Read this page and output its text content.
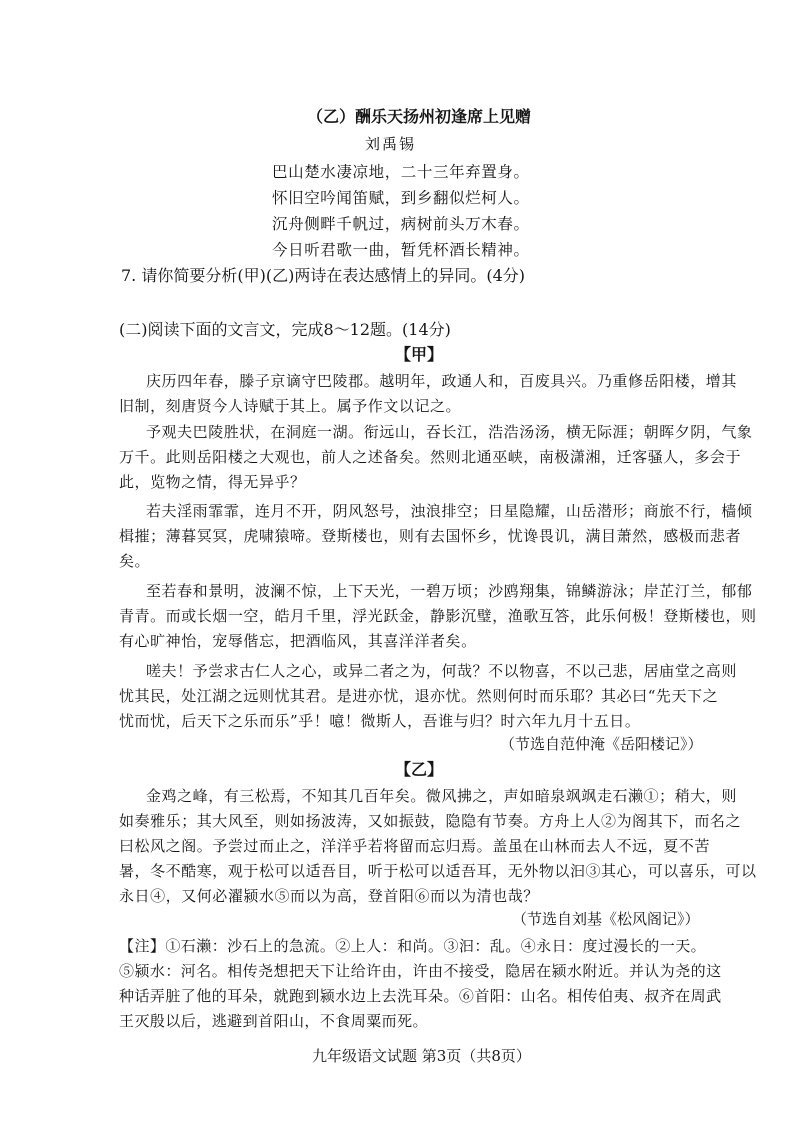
（乙）酬乐天扬州初逢席上见赠
刘禹锡
巴山楚水凄凉地，二十三年弃置身。
怀旧空吟闻笛赋，到乡翻似烂柯人。
沉舟侧畔千帆过，病树前头万木春。
今日听君歌一曲，暂凭杯酒长精神。
7. 请你简要分析(甲)(乙)两诗在表达感情上的异同。(4分)
(二)阅读下面的文言文，完成8～12题。(14分)
【甲】
庆历四年春，滕子京谪守巴陵郡。越明年，政通人和，百废具兴。乃重修岳阳楼，增其
旧制，刻唐贤今人诗赋于其上。属予作文以记之。
予观夫巴陵胜状，在洞庭一湖。衔远山，吞长江，浩浩汤汤，横无际涯；朝晖夕阴，气象
万千。此则岳阳楼之大观也，前人之述备矣。然则北通巫峡，南极潇湘，迁客骚人，多会于
此，览物之情，得无异乎？
若夫淫雨霏霏，连月不开，阴风怒号，浊浪排空；日星隐耀，山岳潜形；商旅不行，樯倾
楫摧；薄暮冥冥，虎啸猿啼。登斯楼也，则有去国怀乡，忧谗畏讥，满目萧然，感极而悲者
矣。
至若春和景明，波澜不惊，上下天光，一碧万顷；沙鸥翔集，锦鳞游泳；岸芷汀兰，郁郁
青青。而或长烟一空，皓月千里，浮光跃金，静影沉璧，渔歌互答，此乐何极！登斯楼也，则
有心旷神怡，宠辱偕忘，把酒临风，其喜洋洋者矣。
嗟夫！予尝求古仁人之心，或异二者之为，何哉？不以物喜，不以己悲，居庙堂之高则
忧其民，处江湖之远则忧其君。是进亦忧，退亦忧。然则何时而乐耶？其必曰“先天下之
忧而忧，后天下之乐而乐”乎！噫！微斯人，吾谁与归？时六年九月十五日。
（节选自范仲淹《岳阳楼记》）
【乙】
金鸡之峰，有三松焉，不知其几百年矣。微风拂之，声如暗泉飒飒走石濑①；稍大，则
如奏雅乐；其大风至，则如扬波涛，又如振鼓，隐隐有节奏。方舟上人②为阁其下，而名之
曰松风之阁。予尝过而止之，洋洋乎若将留而忘归焉。盖虽在山林而去人不远，夏不苦
暑，冬不酷寒，观于松可以适吾目，听于松可以适吾耳，无外物以汩③其心，可以喜乐，可以
永日④，又何必濯颍水⑤而以为高，登首阳⑥而以为清也哉？
（节选自刘基《松风阁记》）
【注】①石濑：沙石上的急流。②上人：和尚。③汩：乱。④永日：度过漫长的一天。
⑤颍水：河名。相传尧想把天下让给许由，许由不接受，隐居在颍水附近。并认为尧的这
种话弄脏了他的耳朵，就跑到颍水边上去洗耳朵。⑥首阳：山名。相传伯夷、叔齐在周武
王灭殷以后，逃避到首阳山，不食周粟而死。
九年级语文试题 第3页（共8页）
